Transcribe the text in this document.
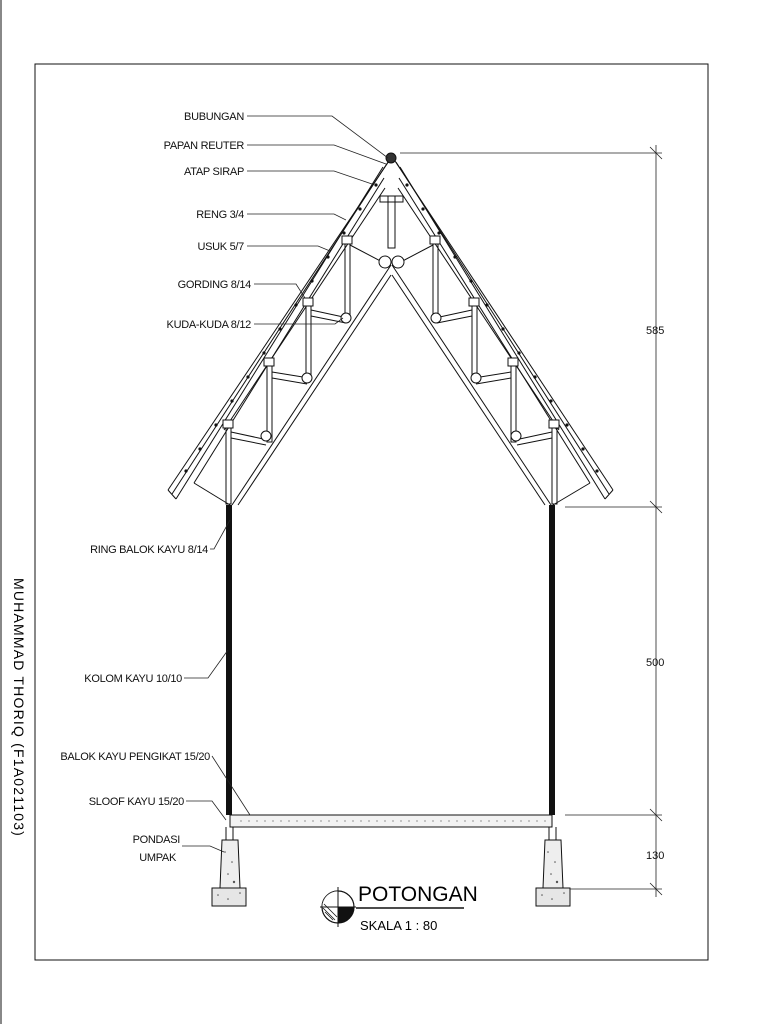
MUHAMMAD THORIQ (F1A021103)
585
500
130
BUBUNGAN
PAPAN REUTER
ATAP SIRAP
RENG 3/4
USUK 5/7
GORDING 8/14
KUDA-KUDA 8/12
RING BALOK KAYU 8/14
KOLOM KAYU 10/10
BALOK KAYU PENGIKAT 15/20
SLOOF KAYU 15/20
PONDASI
UMPAK
POTONGAN
SKALA 1 : 80
